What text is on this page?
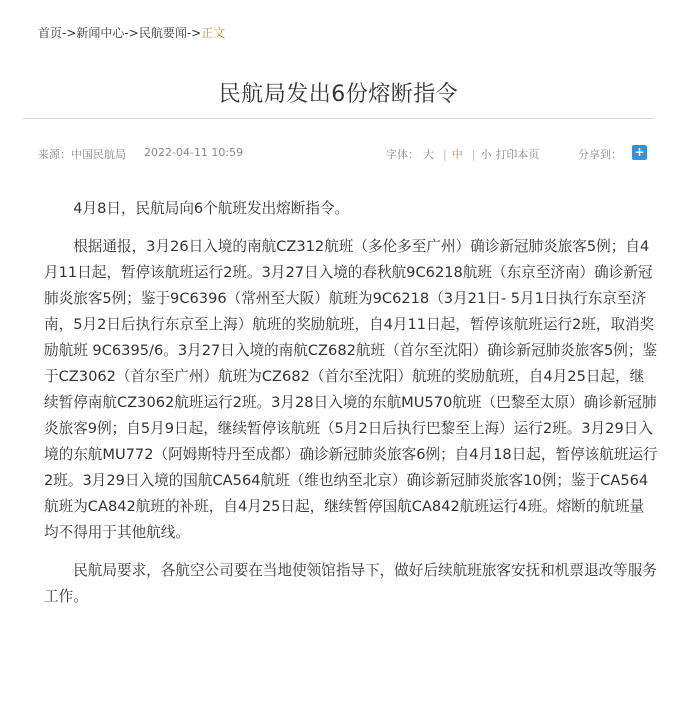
首页->新闻中心->民航要闻->正文
民航局发出6份熔断指令
来源：中国民航局 2022-04-11 10:59	字体： 大 | 中 | 小 打印本页	分享到： +

4月8日，民航局向6个航班发出熔断指令。

根据通报，3月26日入境的南航CZ312航班（多伦多至广州）确诊新冠肺炎旅客5例；自4月11日起，暂停该航班运行2班。3月27日入境的春秋航9C6218航班（东京至济南）确诊新冠肺炎旅客5例；鉴于9C6396（常州至大阪）航班为9C6218（3月21日- 5月1日执行东京至济南，5月2日后执行东京至上海）航班的奖励航班，自4月11日起，暂停该航班运行2班，取消奖励航班 9C6395/6。3月27日入境的南航CZ682航班（首尔至沈阳）确诊新冠肺炎旅客5例；鉴于CZ3062（首尔至广州）航班为CZ682（首尔至沈阳）航班的奖励航班，自4月25日起，继续暂停南航CZ3062航班运行2班。3月28日入境的东航MU570航班（巴黎至太原）确诊新冠肺炎旅客9例；自5月9日起，继续暂停该航班（5月2日后执行巴黎至上海）运行2班。3月29日入境的东航MU772（阿姆斯特丹至成都）确诊新冠肺炎旅客6例；自4月18日起，暂停该航班运行2班。3月29日入境的国航CA564航班（维也纳至北京）确诊新冠肺炎旅客10例；鉴于CA564航班为CA842航班的补班，自4月25日起，继续暂停国航CA842航班运行4班。熔断的航班量均不得用于其他航线。

民航局要求，各航空公司要在当地使领馆指导下，做好后续航班旅客安抚和机票退改等服务工作。
